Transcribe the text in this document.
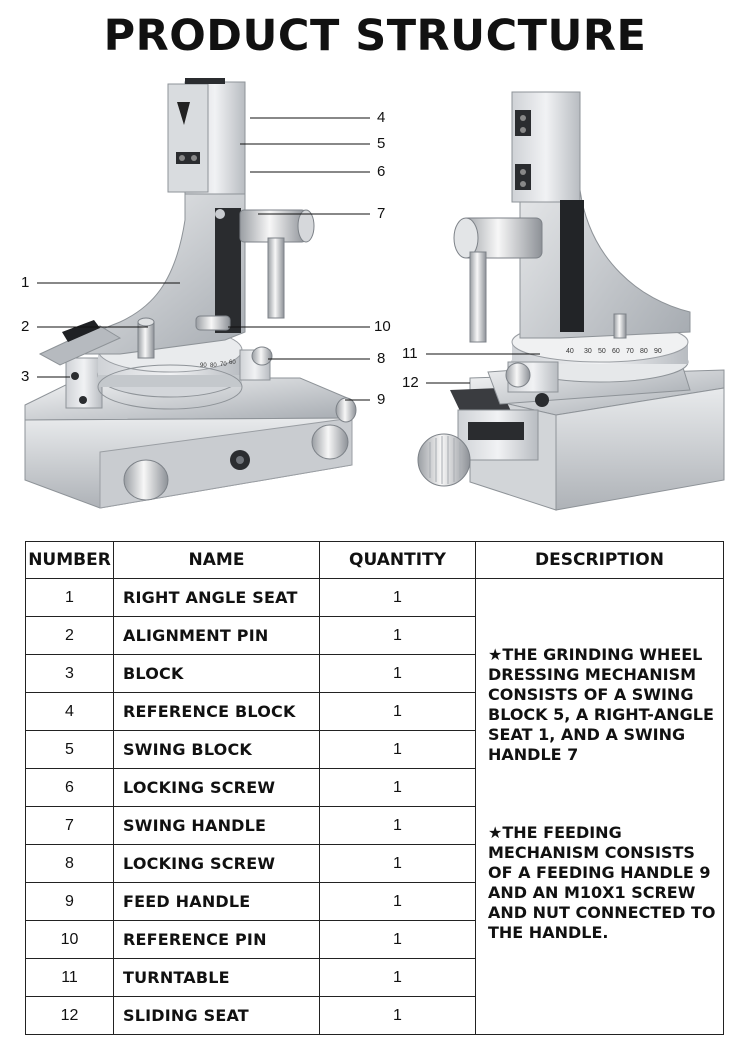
PRODUCT STRUCTURE
90 80 70 60
40 30 50 60 70 80 90
4
5
6
7
1
2
3
10
8
9
11
12
NUMBER	NAME	QUANTITY	DESCRIPTION
1	RIGHT ANGLE SEAT	1	★THE GRINDING WHEEL DRESSING MECHANISM CONSISTS OF A SWING BLOCK 5, A RIGHT-ANGLE SEAT 1, AND A SWING HANDLE 7
★THE FEEDING MECHANISM CONSISTS OF A FEEDING HANDLE 9 AND AN M10X1 SCREW AND NUT CONNECTED TO THE HANDLE.

2	ALIGNMENT PIN	1	
3	BLOCK	1	
4	REFERENCE BLOCK	1	
5	SWING BLOCK	1	
6	LOCKING SCREW	1	
7	SWING HANDLE	1	
8	LOCKING SCREW	1	
9	FEED HANDLE	1	
10	REFERENCE PIN	1	
11	TURNTABLE	1	
12	SLIDING SEAT	1	
